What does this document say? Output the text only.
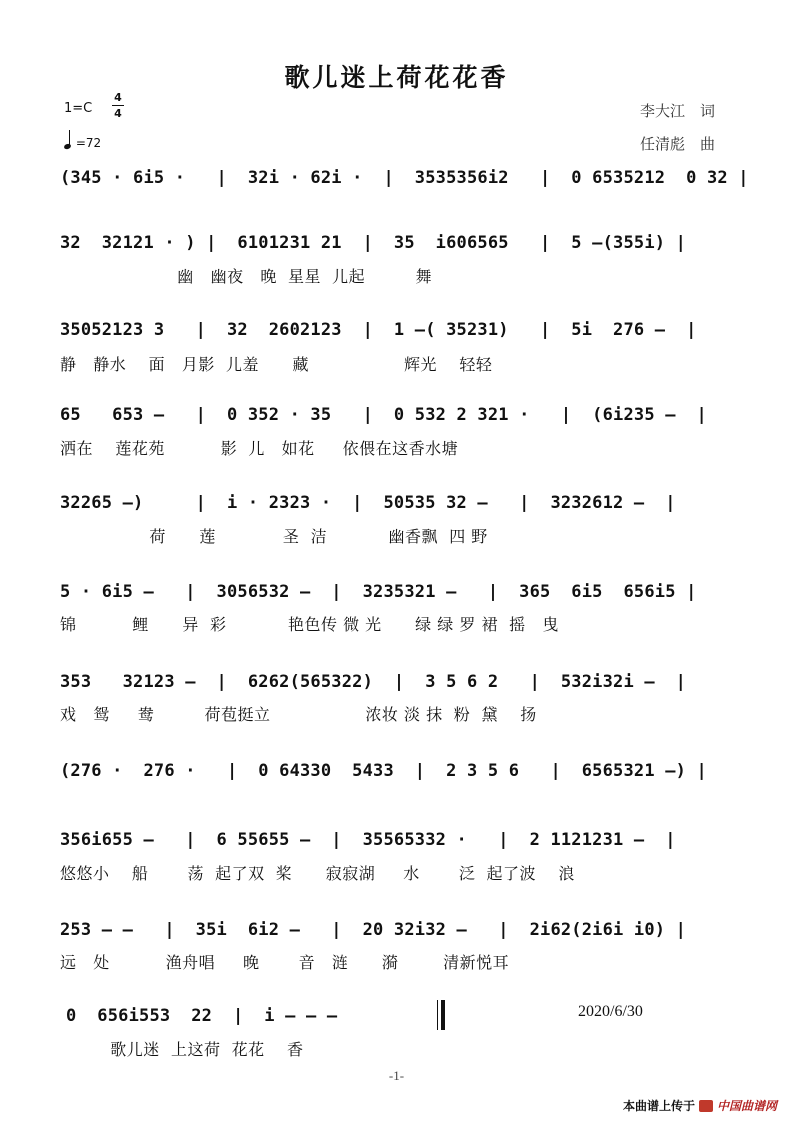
歌儿迷上荷花花香
1=C
4
4
=72
李大江　词
任清彪　曲
(345 · 6i5 ·   |  32i · 62i ·  |  3535356i2   |  0 6535212  0 32 |
32  32121 · ) |  6101231 21  |  35  i606565   |  5 –(355i) |
幽   幽夜   晚  星星  儿起         舞
35052123 3   |  32  2602123  |  1 –( 35231)   |  5i  276 –  |
静   静水    面   月影  儿羞      藏                 辉光    轻轻
65   653 –   |  0 352 · 35   |  0 532 2 321 ·   |  (6i235 –  |
洒在    莲花苑          影  儿   如花     依偎在这香水塘
32265 –)     |  i · 2323 ·  |  50535 32 –   |  3232612 –  |
荷      莲            圣  洁           幽香飘  四 野
5 · 6i5 –   |  3056532 –  |  3235321 –   |  365  6i5  656i5 |
锦          鲤      异  彩           艳色传 微 光      绿 绿 罗 裙  摇   曳
353   32123 –  |  6262(565322)  |  3 5 6 2   |  532i32i –  |
戏   鸳     鸯         荷苞挺立                 浓妆 淡 抹  粉  黛    扬
(276 ·  276 ·   |  0 64330  5433  |  2 3 5 6   |  6565321 –) |
356i655 –   |  6 55655 –  |  35565332 ·   |  2 1121231 –  |
悠悠小    船       荡  起了双  桨      寂寂湖     水       泛  起了波    浪
253 – –   |  35i  6i2 –   |  20 32i32 –   |  2i62(2i6i i0) |
远   处          渔舟唱     晚       音   涟      漪        清新悦耳
0  656i553  22  |  i – – –
歌儿迷  上这荷  花花    香
2020/6/30
-1-
本曲谱上传于 中国曲谱网
